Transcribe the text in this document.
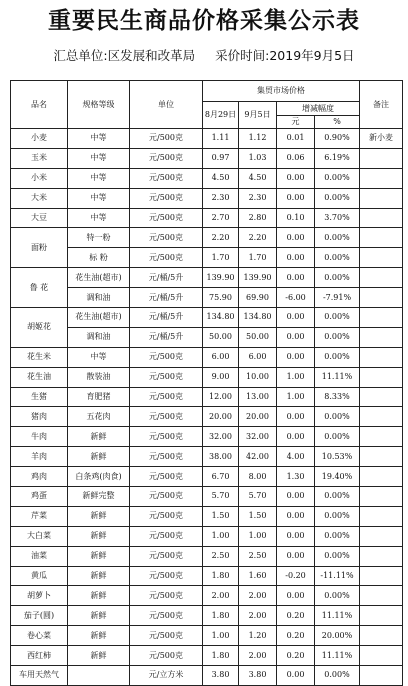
重要民生商品价格采集公示表
汇总单位:区发展和改革局 采价时间:2019年9月5日
品名	规格等级	单位	集贸市场价格				备注
			8月29日	9月5日	增减幅度		
					元	%	
小麦	中等	元/500克	1.11	1.12	0.01	0.90%	新小麦
玉米	中等	元/500克	0.97	1.03	0.06	6.19%	
小米	中等	元/500克	4.50	4.50	0.00	0.00%	
大米	中等	元/500克	2.30	2.30	0.00	0.00%	
大豆	中等	元/500克	2.70	2.80	0.10	3.70%	
面粉	特一粉	元/500克	2.20	2.20	0.00	0.00%	
	标 粉	元/500克	1.70	1.70	0.00	0.00%	
鲁 花	花生油(超市)	元/桶/5升	139.90	139.90	0.00	0.00%	
	调和油	元/桶/5升	75.90	69.90	-6.00	-7.91%	
胡姬花	花生油(超市)	元/桶/5升	134.80	134.80	0.00	0.00%	
	调和油	元/桶/5升	50.00	50.00	0.00	0.00%	
花生米	中等	元/500克	6.00	6.00	0.00	0.00%	
花生油	散装油	元/500克	9.00	10.00	1.00	11.11%	
生猪	育肥猪	元/500克	12.00	13.00	1.00	8.33%	
猪肉	五花肉	元/500克	20.00	20.00	0.00	0.00%	
牛肉	新鲜	元/500克	32.00	32.00	0.00	0.00%	
羊肉	新鲜	元/500克	38.00	42.00	4.00	10.53%	
鸡肉	白条鸡(肉食)	元/500克	6.70	8.00	1.30	19.40%	
鸡蛋	新鲜完整	元/500克	5.70	5.70	0.00	0.00%	
芹菜	新鲜	元/500克	1.50	1.50	0.00	0.00%	
大白菜	新鲜	元/500克	1.00	1.00	0.00	0.00%	
油菜	新鲜	元/500克	2.50	2.50	0.00	0.00%	
黄瓜	新鲜	元/500克	1.80	1.60	-0.20	-11.11%	
胡萝卜	新鲜	元/500克	2.00	2.00	0.00	0.00%	
茄子(圆)	新鲜	元/500克	1.80	2.00	0.20	11.11%	
卷心菜	新鲜	元/500克	1.00	1.20	0.20	20.00%	
西红柿	新鲜	元/500克	1.80	2.00	0.20	11.11%	
车用天然气		元/立方米	3.80	3.80	0.00	0.00%	
